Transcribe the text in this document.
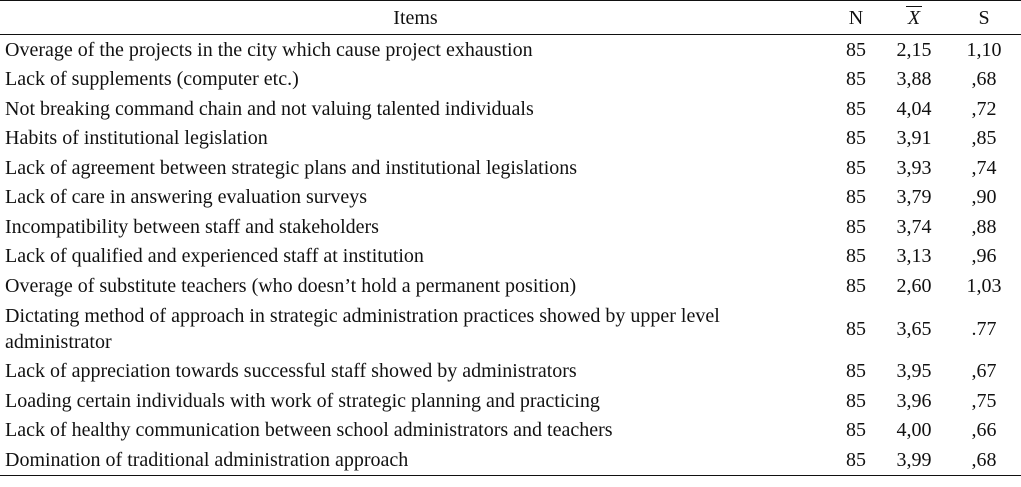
Items	N	X	S
Overage of the projects in the city which cause project exhaustion	85	2,15	1,10
Lack of supplements (computer etc.)	85	3,88	,68
Not breaking command chain and not valuing talented individuals	85	4,04	,72
Habits of institutional legislation	85	3,91	,85
Lack of agreement between strategic plans and institutional legislations	85	3,93	,74
Lack of care in answering evaluation surveys	85	3,79	,90
Incompatibility between staff and stakeholders	85	3,74	,88
Lack of qualified and experienced staff at institution	85	3,13	,96
Overage of substitute teachers (who doesn’t hold a permanent position)	85	2,60	1,03
Dictating method of approach in strategic administration practices showed by upper level administrator	85	3,65	.77
Lack of appreciation towards successful staff showed by administrators	85	3,95	,67
Loading certain individuals with work of strategic planning and practicing	85	3,96	,75
Lack of healthy communication between school administrators and teachers	85	4,00	,66
Domination of traditional administration approach	85	3,99	,68
